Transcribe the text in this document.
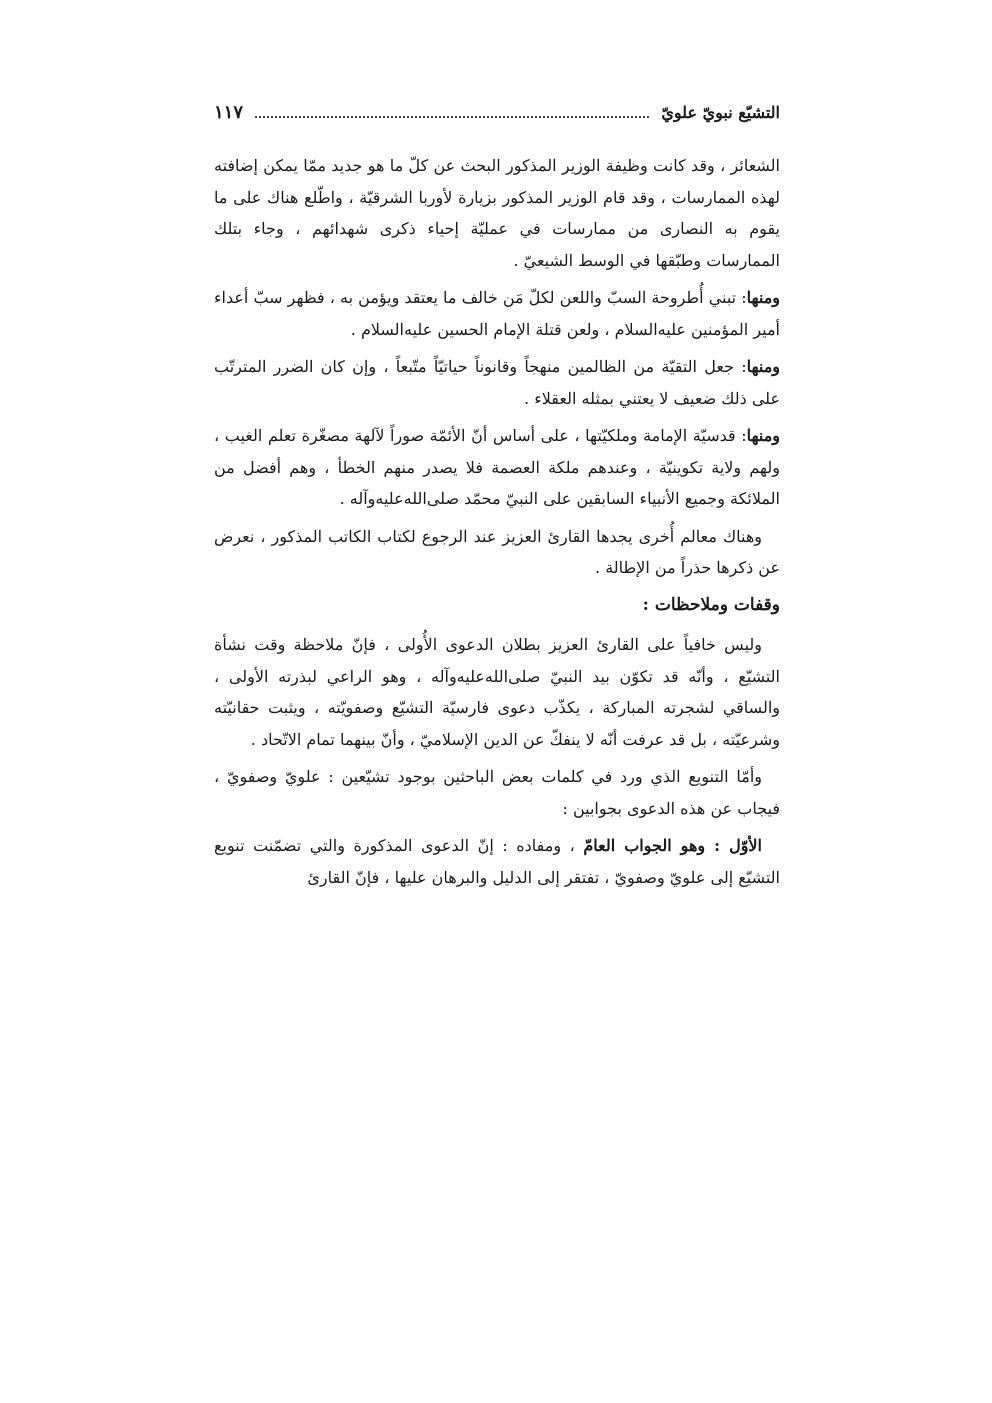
التشيّع نبويّ علويّ
١١٧

الشعائر ، وقد كانت وظيفة الوزير المذكور البحث عن كلّ ما هو جديد ممّا يمكن إضافته لهذه الممارسات ، وقد قام الوزير المذكور بزيارة لأوربا الشرقيّة ، واطّلع هناك على ما يقوم به النصارى من ممارسات في عمليّة إحياء ذكرى شهدائهم ، وجاء بتلك الممارسات وطبّقها في الوسط الشيعيّ .

ومنها: تبني أُطروحة السبّ واللعن لكلّ مَن خالف ما يعتقد ويؤمن به ، فظهر سبّ أعداء أمير المؤمنين عليه‌السلام ، ولعن قتلة الإمام الحسين عليه‌السلام .

ومنها: جعل التقيّة من الظالمين منهجاً وقانوناً حياتيّاً متّبعاً ، وإن كان الضرر المترتّب على ذلك ضعيف لا يعتني بمثله العقلاء .

ومنها: قدسيّة الإمامة وملكيّتها ، على أساس أنّ الأئمّة صوراً لآلهة مصغّرة تعلم الغيب ، ولهم ولاية تكوينيّة ، وعندهم ملكة العصمة فلا يصدر منهم الخطأ ، وهم أفضل من الملائكة وجميع الأنبياء السابقين على النبيّ محمّد صلى‌الله‌عليه‌وآله .

وهناك معالم أُخرى يجدها القارئ العزيز عند الرجوع لكتاب الكاتب المذكور ، نعرض عن ذكرها حذراً من الإطالة .

وقفات وملاحظات :

وليس خافياً على القارئ العزيز بطلان الدعوى الأُولى ، فإنّ ملاحظة وقت نشأة التشيّع ، وأنّه قد تكوّن بيد النبيّ صلى‌الله‌عليه‌وآله ، وهو الراعي لبذرته الأولى ، والساقي لشجرته المباركة ، يكذّب دعوى فارسيّة التشيّع وصفويّته ، ويثبت حقانيّته وشرعيّته ، بل قد عرفت أنّه لا ينفكّ عن الدين الإسلاميّ ، وأنّ بينهما تمام الاتّحاد .

وأمّا التنويع الذي ورد في كلمات بعض الباحثين بوجود تشيّعين : علويّ وصفويّ ، فيجاب عن هذه الدعوى بجوابين :

الأوّل : وهو الجواب العامّ ، ومفاده : إنّ الدعوى المذكورة والتي تضمّنت تنويع التشيّع إلى علويّ وصفويّ ، تفتقر إلى الدليل والبرهان عليها ، فإنّ القارئ
